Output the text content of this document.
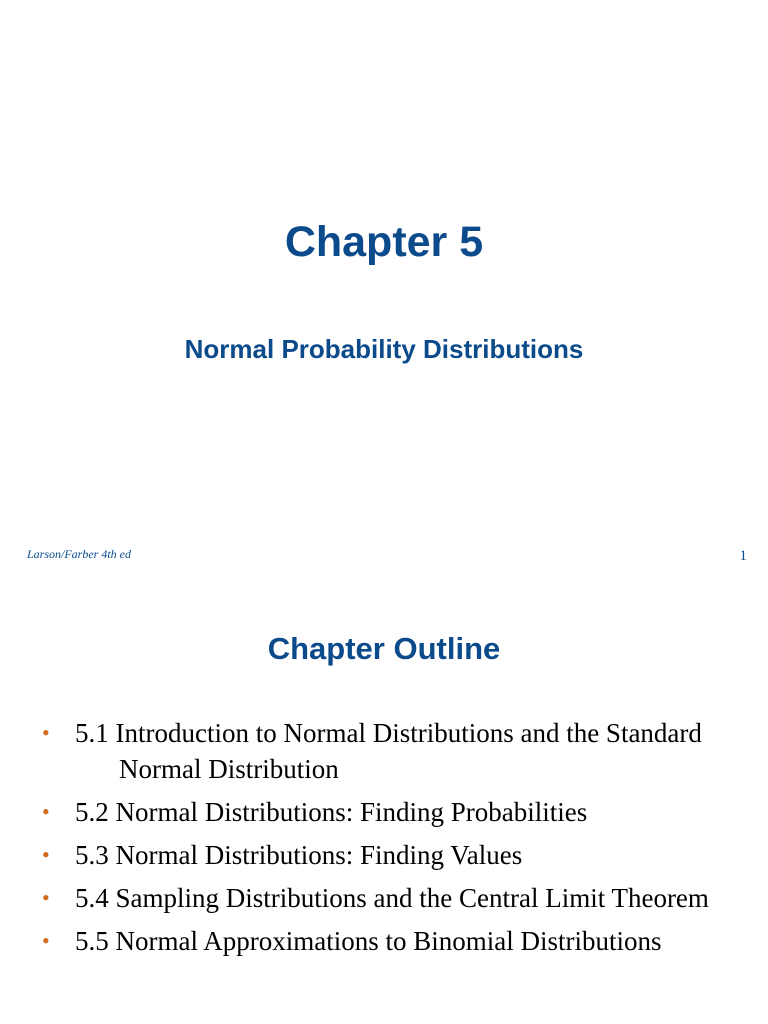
Chapter 5
Normal Probability Distributions
Larson/Farber 4th ed	1
Chapter Outline
• 5.1 Introduction to Normal Distributions and the Standard Normal Distribution
• 5.2 Normal Distributions: Finding Probabilities
• 5.3 Normal Distributions: Finding Values
• 5.4 Sampling Distributions and the Central Limit Theorem
• 5.5 Normal Approximations to Binomial Distributions
